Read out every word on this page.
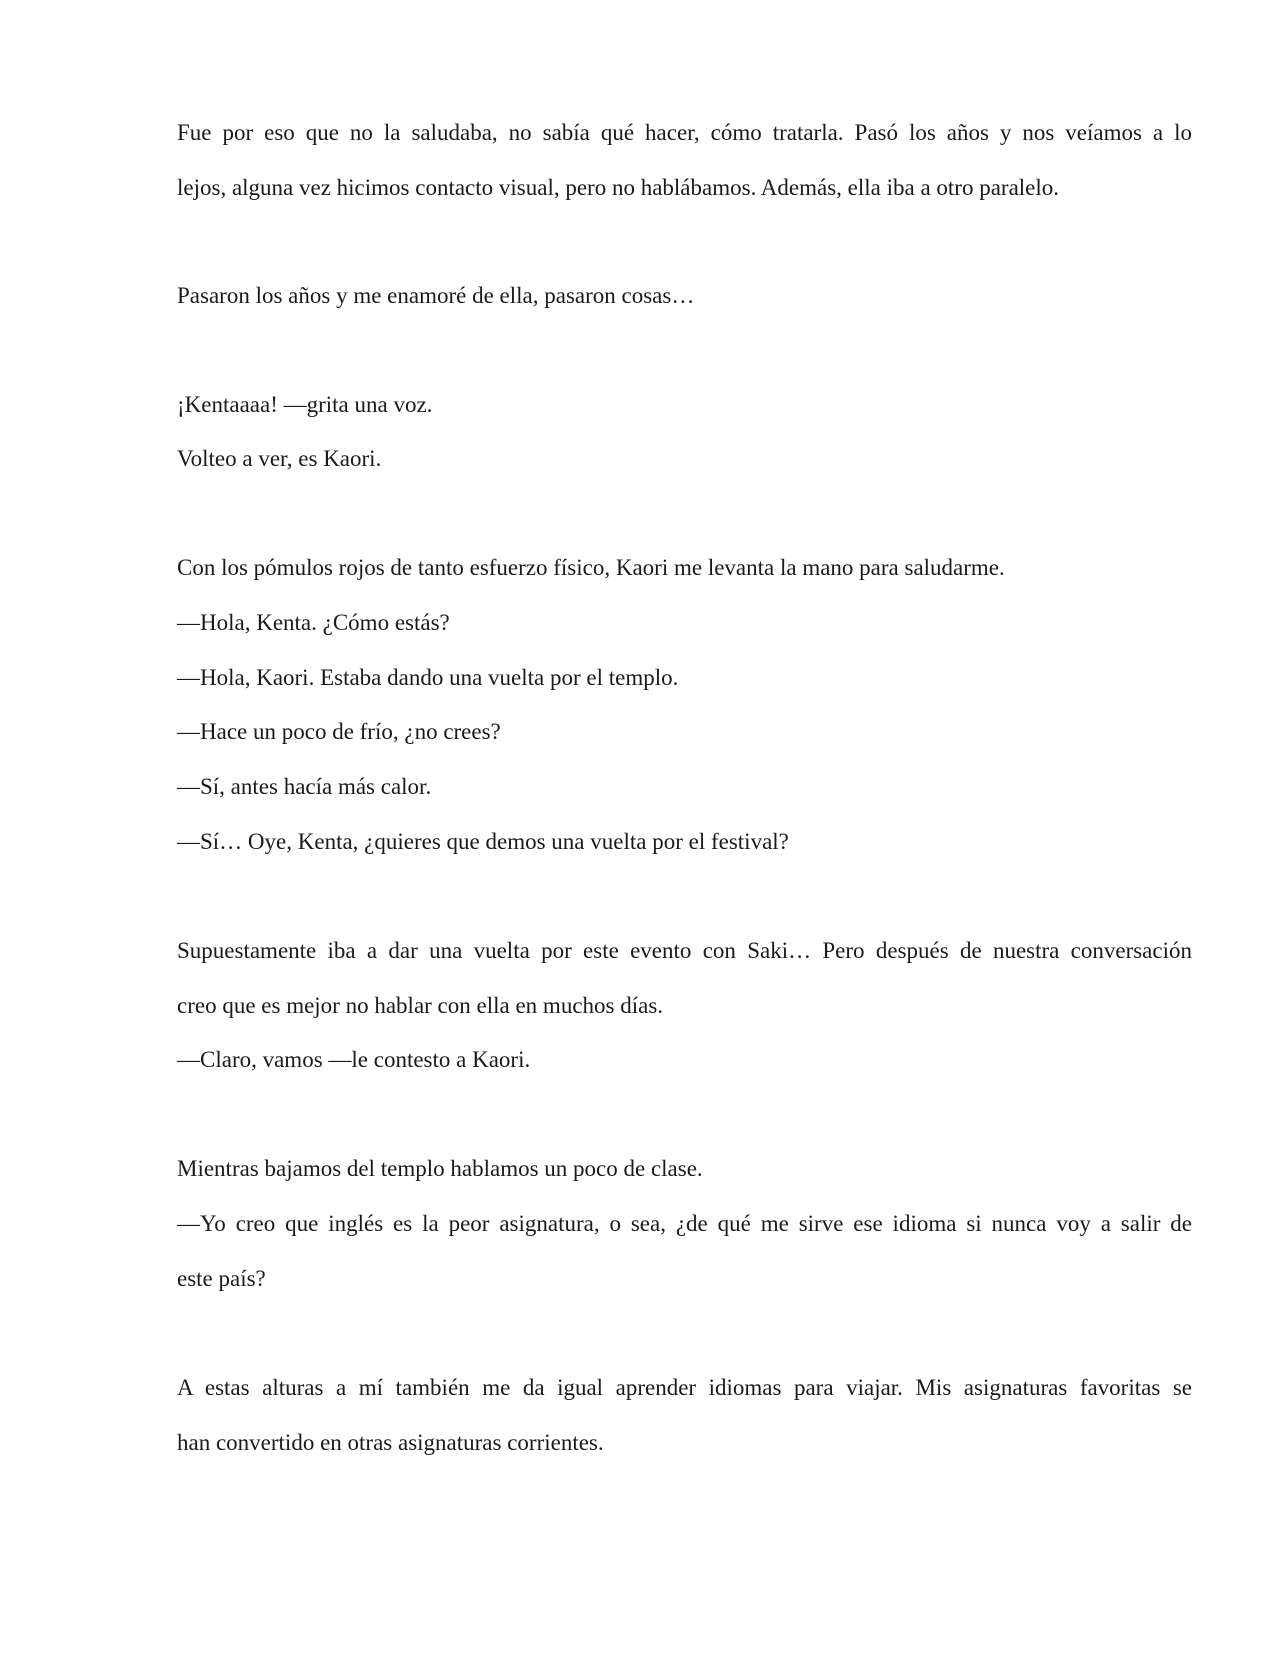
Fue por eso que no la saludaba, no sabía qué hacer, cómo tratarla. Pasó los años y nos veíamos a lo
lejos, alguna vez hicimos contacto visual, pero no hablábamos. Además, ella iba a otro paralelo.
Pasaron los años y me enamoré de ella, pasaron cosas…
¡Kentaaaa! —grita una voz.
Volteo a ver, es Kaori.
Con los pómulos rojos de tanto esfuerzo físico, Kaori me levanta la mano para saludarme.
—Hola, Kenta. ¿Cómo estás?
—Hola, Kaori. Estaba dando una vuelta por el templo.
—Hace un poco de frío, ¿no crees?
—Sí, antes hacía más calor.
—Sí… Oye, Kenta, ¿quieres que demos una vuelta por el festival?
Supuestamente iba a dar una vuelta por este evento con Saki… Pero después de nuestra conversación
creo que es mejor no hablar con ella en muchos días.
—Claro, vamos —le contesto a Kaori.
Mientras bajamos del templo hablamos un poco de clase.
—Yo creo que inglés es la peor asignatura, o sea, ¿de qué me sirve ese idioma si nunca voy a salir de
este país?
A estas alturas a mí también me da igual aprender idiomas para viajar. Mis asignaturas favoritas se
han convertido en otras asignaturas corrientes.
